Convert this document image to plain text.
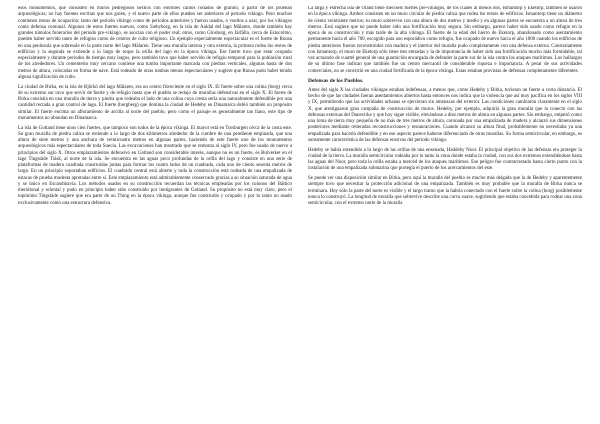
esos monumentos, que consisten en muros pedregosos hechos con enormes cantos rodados de granito, a partir de los prueban arqueológicas; no hay fuentes escritas que nos guíen, y el nuevo parte de ellos pueden ser anteriores al periodo vikingo. Pero muchos contienen restos de ocupación; tanto del periodo vikingo como de periodos anteriores y fueron usados, o vueltos a usar, por los vikingos como defensa comunal. Algunos de estos fuertes nuevos, como Sæbyborg, en la isla de Aaldal del lago Mälaren, donde también hay grandes túmulos funerarios del periodo pre-vikingo, se asocian con el poder real; otros, como Glosborg, en Järfälla, cerca de Estocolmo, pueden haber servido tanto de refugios como de centros de culto religioso. Un ejemplo especialmente espectacular es el fuerte de Runsa en una península que sobresale en la parte norte del lago Mälaren. Tiene una muralla interna y otra externa, la primera rodea los restos de edificios y la segunda se extiende a lo largo de toque la orilla del lago en la época vikinga. Ese fuerte tuvo que estar ocupado especialmente y durante periodos de tiempo muy largos, pero también tuvo que haber servido de refugio temporal para la población rural de los alrededores. Un cementerio muy cercano contiene una tumba importante marcada con piedras verticales, algunas hasta de dos metros de altura, colocadas en forma de nave. Está rodeado de otras tumbas menos espectaculares y sugiere que Runsa pudo haber tenido alguna significación de culto.

La ciudad de Birka, en la isla de Björkö del lago Mälaren, era un centro floreciente en el siglo IX. El fuerte sobre una colina (borg) cerca de su extremo sur tuvo que servir de fuerte y de refugio hasta que el pueblo se redujo de murallas defensivas en el siglo X. El fuerte de Birka consistía en una muralla de tierra y piedra que rodeaba el lado de una colina cuya cresta sería una naturalmente defendible por una cantidad rectada a gran control de lago. El fuerte (borgberg) que domina la ciudad de Hedeby en Dinamarca debió también un propósito similar. El fuerte encima un afloramiento de arcilla al norte del pueblo, pero como el paisaje es generalmente tan llano, este tipo de monumentos no abundan en Dinamarca.

La isla de Gotland tiene unos cien fuertes, que tampoco son todos de la época vikinga. El mayor está en Torsburgen cerca de la costa este. Su gran muralla de piedra caliza se extiende a lo largo de dos kilómetros alrededor de la cumbre de una pendiente empinada, que una altura de siete metros y una anchura de veinticuatro metros en algunas partes, haciendo de este fuerte uno de los monumentos arqueológicos más espectaculares de toda Suecia. Las excavaciones han mostrado que se remonta al siglo IV, pero fue usado de nuevo a principios del siglo X. Otros emplazamientos defensivo en Gotland son considerable interés, aunque no es un fuerte, es Bulverket en el lago Tingstäde Träsk, al norte de la isla. Se encuentra en las aguas poco profundas de la orilla del lago y consiste en una serie de plataformas de madera cuadrada construidas juntas para formar los cuatro lados de un cuadrado, cada uno de ciento sesenta metros de largo. En un principio soportaban edificios. El cuadrado central está abierto y toda la construcción está rodeada de una empalizada de estacas de prueba modesta apretadas entre sí. Este emplazamiento está admirablemente conservado gracias a su situación saturada de agua y se único en Escandinavia. Los métodos usados en su construcción recuerdan las técnicas empleadas por los colonos del Báltico meridional y oriental y pudo en principio haber sido construido por inmigrantes de Gotland. Su propósito no está muy claro, pero el topónimo Tingstäde sugiere que era parte de un Thing en la época vikinga, aunque fue construido y ocupado y por lo tanto no usado exclusivamente como una estructura defensiva.

La larga y estrecha isla de Öland tiene dieciséis fuertes pre-vikingos, de los cuales al menos dos, Ismantorp y Eketorp, también se usaron en la época vikinga. Ambos consisten en un muro circular de piedra caliza que rodea los restos de edificios. Ismantorp tiene un diámetro de ciento veintisiete metros; su muro sobrevive con una altura de dos metros y medio y en algunas partes se encuentra a un altura de tres metros. Está sugiere que no puede haber sido una fortificación muy segura. Sin embargo, parece haber sido usado como refugio en la época de su construcción y más tarde de la alta vikinga. El fuerte de la edad del hierro de Eketorp, abandonado como asentamiento permanente hacia el año 700, escogido para uso esporádico como refugio, fue ocupado de nuevo hacia el año 1000 cuando los edificios de piedra anteriores fueron reconstruidos con madera y el interior del muralla pudo completamente con una defensa externa. Contrariamente con Ismantorp, el muro de Eketorp sólo tiene tres entradas y la de importancia de haber sido usa fortificación mucho más formidable, tal vez actuando de cuartel general de una guarnición encargada de defender la parte sur de la isla contra los ataques marítimos. Los hallazgos de su último fase indican que también fue un centro mercantil de considerable riqueza e importancia. A pesar de sus actividades comerciales, no se convirtió en una ciudad fortificada de la época vikinga. Estas estaban provistas de defensas completamente diferentes.

Defensas de los Pueblos.

Antes del siglo X las ciudades vikingas estaban indefensas, a menos que, como Hedeby y Birka, tuvieran un fuerte a corta distancia. El hecho de que las ciudades fueran asentamientos abiertos hasta entonces nos indica que la violencia que así muy pacífica en los siglos VIII y IX, permitiendo que las actividades urbanas se ejercieran sin amenazas del exterior. Las condiciones cambiaron claramente en el siglo X, que atestiguaron gran campaña de construcción de muros. Hedeby, por ejemplo, adquirió la gran muralla que la conectó con las defensas externas del Danevirke y que hoy sigue visible, elevándose a diez metros de altura en algunas partes. Sin embargo, empezó como una loma de tierra muy pequeña de no más de tres metros de altura, coronada por una empalizada de madera y alcanzó sus dimensiones posteriores mediante reiteradas reconstrucciones y restauraciones. Cuando alcanzó su altura final, probablemente no necesitaba ya una empalizada para hacerla defendible y en ese aspecto parece haberse diferenciado de otras murallas. Su forma semicircular, en embargo, es sumamente característica de las defensas erosivas del periodo vikingo.

Hedeby se había extendido a lo largo de las orillas de una ensenada, Haddeby Noor. El principal objetivo de las defensas era proteger la ciudad de la tierra. La muralla semicircular rodeaba por lo tanto la zona donde estaba la ciudad, con sus dos extremos extendiéndose hasta las aguas del Noor, pero toda la orilla estaba a merced de los ataques marítimos. Ese peligro fue contrarrestado hasta cierto punto con la instalación de una empalizada submarina que protegía el puerto de los acercamientos del este.

Se puede ver una disposición similar en Birka, pero aquí la muralla del pueblo es mucho más delgada que la de Hedeby y aparentemente siempre tuvo que necesitar la protección adicional de una empalizada. También es muy probable que la muralla de Birka nunca se terminara. Hoy sólo la parte del norte es visible y el largo tramo que la habría conectado con el fuerte sobre la colina (borg) posiblemente nunca lo construyó. La longitud de muralla que sobrevive describe una curva suave, sugiriendo que estaba concebida para rodear una zona semicircular, con el extremo norte de la muralla
